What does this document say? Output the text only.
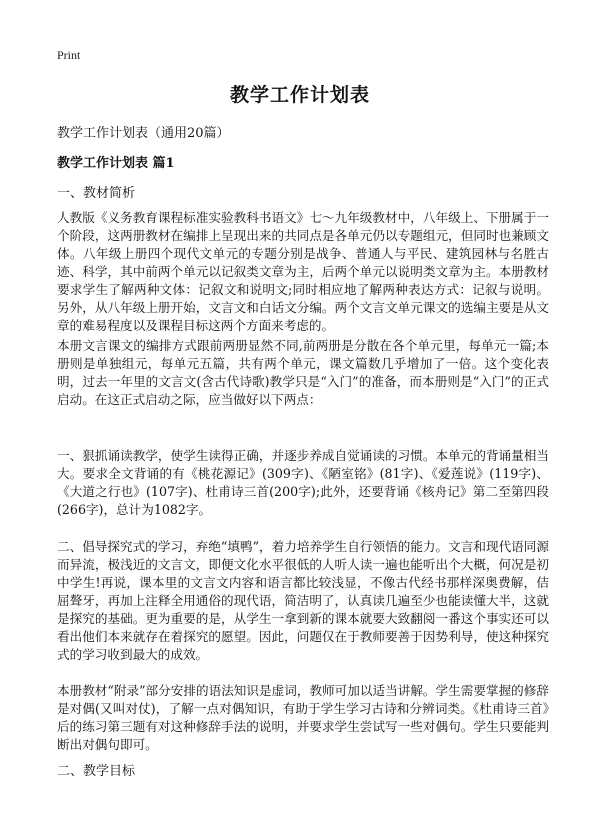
Print
教学工作计划表
教学工作计划表（通用20篇）
教学工作计划表 篇1
一、教材简析
人教版《义务教育课程标准实验教科书语文》七～九年级教材中，八年级上、下册属于一个阶段，这两册教材在编排上呈现出来的共同点是各单元仍以专题组元，但同时也兼顾文体。八年级上册四个现代文单元的专题分别是战争、普通人与平民、建筑园林与名胜古迹、科学，其中前两个单元以记叙类文章为主，后两个单元以说明类文章为主。本册教材要求学生了解两种文体：记叙文和说明文;同时相应地了解两种表达方式：记叙与说明。另外，从八年级上册开始，文言文和白话文分编。两个文言文单元课文的选编主要是从文章的难易程度以及课程目标这两个方面来考虑的。
本册文言课文的编排方式跟前两册显然不同,前两册是分散在各个单元里，每单元一篇;本册则是单独组元，每单元五篇，共有两个单元，课文篇数几乎增加了一倍。这个变化表明，过去一年里的文言文(含古代诗歌)教学只是“入门”的准备，而本册则是“入门”的正式启动。在这正式启动之际，应当做好以下两点：
一、狠抓诵读教学，使学生读得正确，并逐步养成自觉诵读的习惯。本单元的背诵量相当大。要求全文背诵的有《桃花源记》(309字)、《陋室铭》(81字)、《爱莲说》(119字)、《大道之行也》(107字)、杜甫诗三首(200字);此外，还要背诵《核舟记》第二至第四段(266字)，总计为1082字。
二、倡导探究式的学习，弃绝“填鸭”，着力培养学生自行领悟的能力。文言和现代语同源而异流，极浅近的文言文，即便文化水平很低的人听人读一遍也能听出个大概，何况是初中学生!再说，课本里的文言文内容和语言都比较浅显，不像古代经书那样深奥费解，佶屈聱牙，再加上注释全用通俗的现代语，简洁明了，认真读几遍至少也能读懂大半，这就是探究的基础。更为重要的是，从学生一拿到新的课本就要大致翻阅一番这个事实还可以看出他们本来就存在着探究的愿望。因此，问题仅在于教师要善于因势利导，使这种探究式的学习收到最大的成效。
本册教材“附录”部分安排的语法知识是虚词，教师可加以适当讲解。学生需要掌握的修辞是对偶(又叫对仗)，了解一点对偶知识，有助于学生学习古诗和分辨词类。《杜甫诗三首》后的练习第三题有对这种修辞手法的说明，并要求学生尝试写一些对偶句。学生只要能判断出对偶句即可。
二、教学目标
